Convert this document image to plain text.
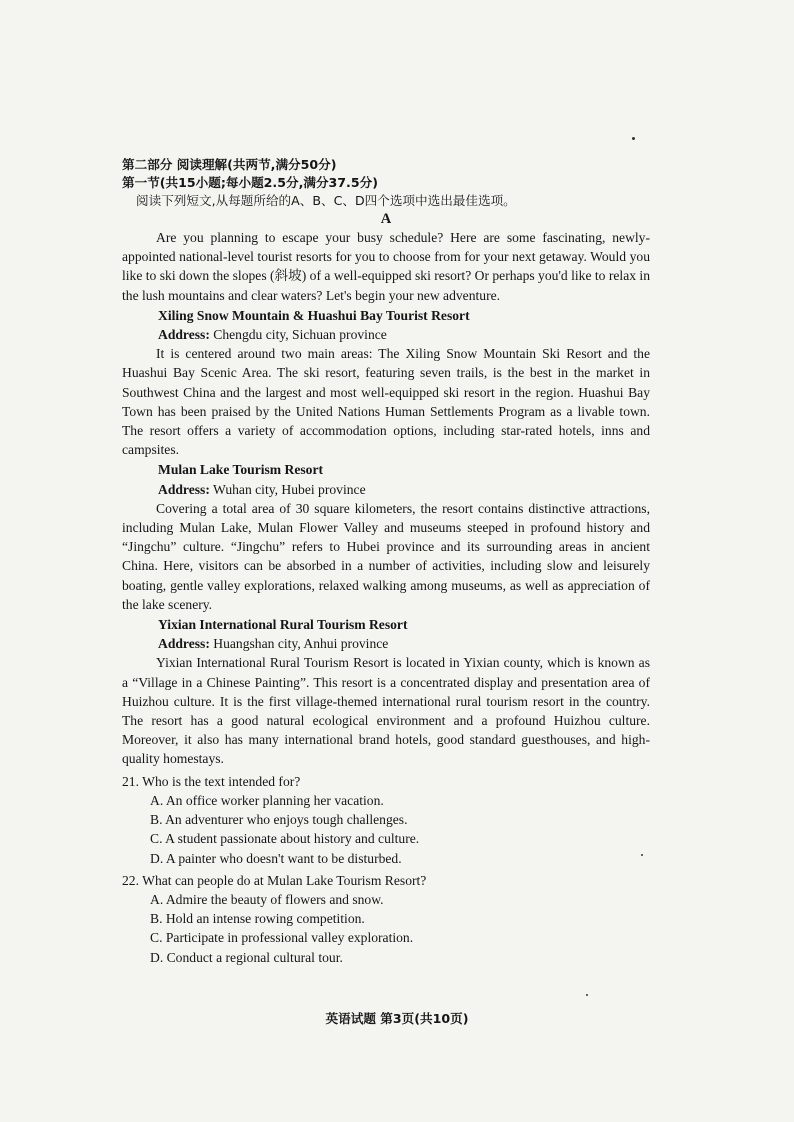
第二部分 阅读理解(共两节,满分50分)
第一节(共15小题;每小题2.5分,满分37.5分)
阅读下列短文,从每题所给的A、B、C、D四个选项中选出最佳选项。
A

Are you planning to escape your busy schedule? Here are some fascinating, newly-appointed national-level tourist resorts for you to choose from for your next getaway. Would you like to ski down the slopes (斜坡) of a well-equipped ski resort? Or perhaps you'd like to relax in the lush mountains and clear waters? Let's begin your new adventure.

Xiling Snow Mountain & Huashui Bay Tourist Resort
Address: Chengdu city, Sichuan province

It is centered around two main areas: The Xiling Snow Mountain Ski Resort and the Huashui Bay Scenic Area. The ski resort, featuring seven trails, is the best in the market in Southwest China and the largest and most well-equipped ski resort in the region. Huashui Bay Town has been praised by the United Nations Human Settlements Program as a livable town. The resort offers a variety of accommodation options, including star-rated hotels, inns and campsites.

Mulan Lake Tourism Resort
Address: Wuhan city, Hubei province

Covering a total area of 30 square kilometers, the resort contains distinctive attractions, including Mulan Lake, Mulan Flower Valley and museums steeped in profound history and “Jingchu” culture. “Jingchu” refers to Hubei province and its surrounding areas in ancient China. Here, visitors can be absorbed in a number of activities, including slow and leisurely boating, gentle valley explorations, relaxed walking among museums, as well as appreciation of the lake scenery.

Yixian International Rural Tourism Resort
Address: Huangshan city, Anhui province

Yixian International Rural Tourism Resort is located in Yixian county, which is known as a “Village in a Chinese Painting”. This resort is a concentrated display and presentation area of Huizhou culture. It is the first village-themed international rural tourism resort in the country. The resort has a good natural ecological environment and a profound Huizhou culture. Moreover, it also has many international brand hotels, good standard guesthouses, and high-quality homestays.

21. Who is the text intended for?
A. An office worker planning her vacation.
B. An adventurer who enjoys tough challenges.
C. A student passionate about history and culture.
D. A painter who doesn't want to be disturbed.
22. What can people do at Mulan Lake Tourism Resort?
A. Admire the beauty of flowers and snow.
B. Hold an intense rowing competition.
C. Participate in professional valley exploration.
D. Conduct a regional cultural tour.
英语试题 第3页(共10页)
